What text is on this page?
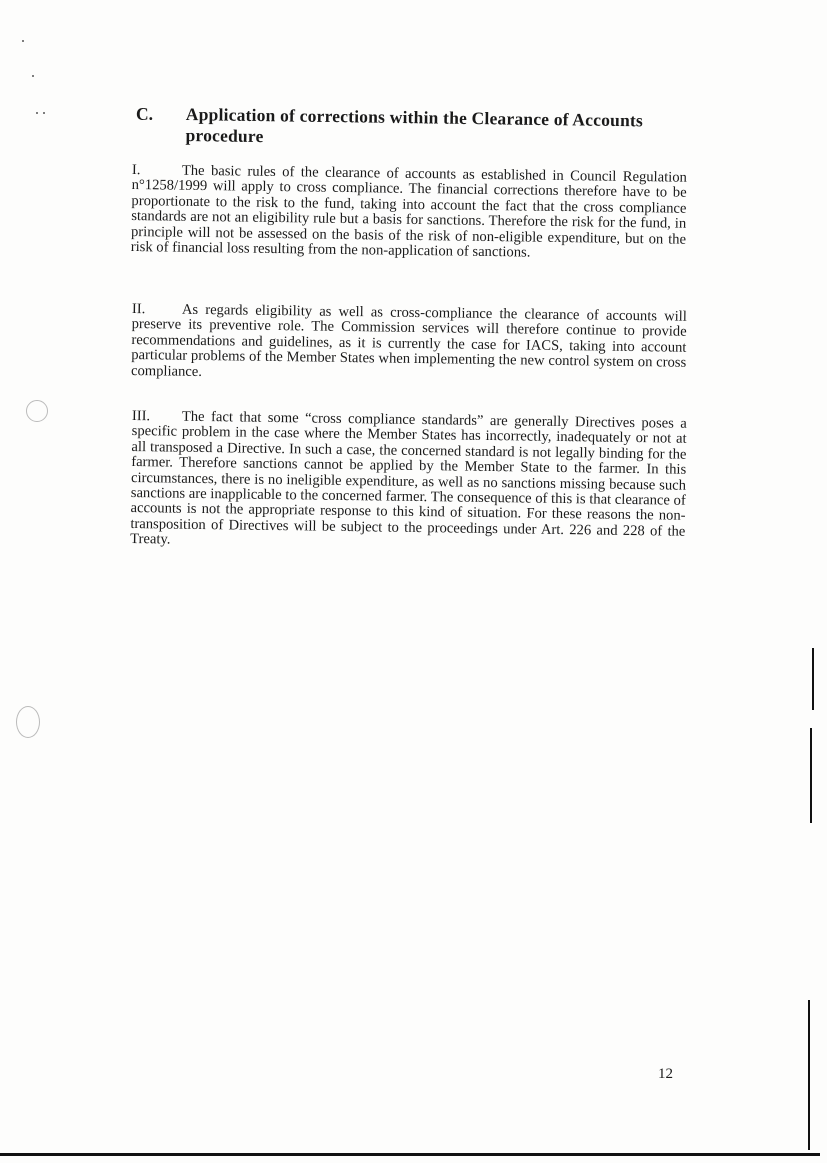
C. Application of corrections within the Clearance of Accounts procedure
I.	The basic rules of the clearance of accounts as established in Council Regulation n°1258/1999 will apply to cross compliance. The financial corrections therefore have to be proportionate to the risk to the fund, taking into account the fact that the cross compliance standards are not an eligibility rule but a basis for sanctions. Therefore the risk for the fund, in principle will not be assessed on the basis of the risk of non-eligible expenditure, but on the risk of financial loss resulting from the non-application of sanctions.
II. As regards eligibility as well as cross-compliance the clearance of accounts will preserve its preventive role. The Commission services will therefore continue to provide recommendations and guidelines, as it is currently the case for IACS, taking into account particular problems of the Member States when implementing the new control system on cross compliance.
III. The fact that some “cross compliance standards” are generally Directives poses a specific problem in the case where the Member States has incorrectly, inadequately or not at all transposed a Directive. In such a case, the concerned standard is not legally binding for the farmer. Therefore sanctions cannot be applied by the Member State to the farmer. In this circumstances, there is no ineligible expenditure, as well as no sanctions missing because such sanctions are inapplicable to the concerned farmer. The consequence of this is that clearance of accounts is not the appropriate response to this kind of situation. For these reasons the non-transposition of Directives will be subject to the proceedings under Art. 226 and 228 of the Treaty.
12
